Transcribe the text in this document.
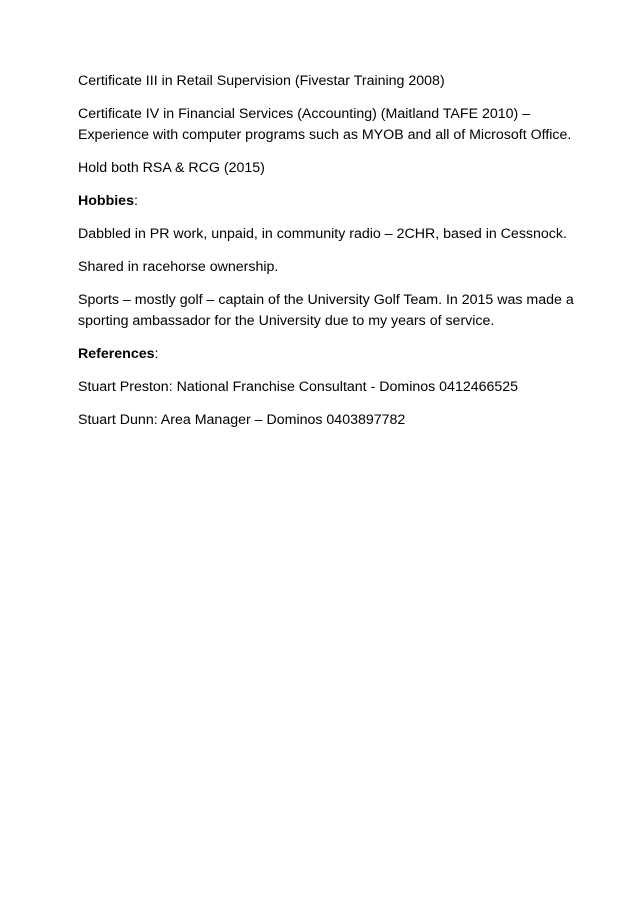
Certificate III in Retail Supervision (Fivestar Training 2008)

Certificate IV in Financial Services (Accounting) (Maitland TAFE 2010) – Experience with computer programs such as MYOB and all of Microsoft Office.

Hold both RSA & RCG (2015)

Hobbies:

Dabbled in PR work, unpaid, in community radio – 2CHR, based in Cessnock.

Shared in racehorse ownership.

Sports – mostly golf – captain of the University Golf Team. In 2015 was made a sporting ambassador for the University due to my years of service.

References:

Stuart Preston: National Franchise Consultant - Dominos 0412466525

Stuart Dunn: Area Manager – Dominos 0403897782
